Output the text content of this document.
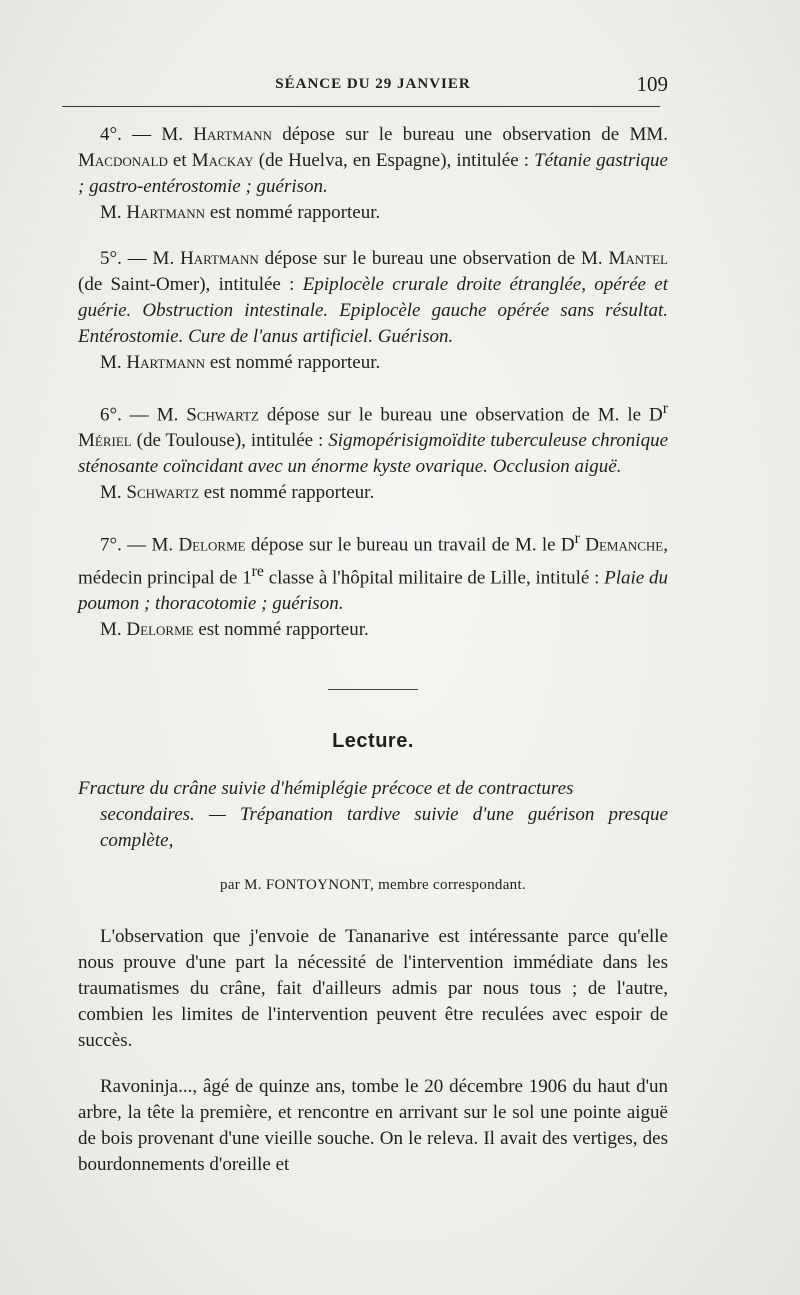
SÉANCE DU 29 JANVIER	109

4°. — M. Hartmann dépose sur le bureau une observation de MM. Macdonald et Mackay (de Huelva, en Espagne), intitulée : Tétanie gastrique ; gastro-entérostomie ; guérison.

M. Hartmann est nommé rapporteur.

5°. — M. Hartmann dépose sur le bureau une observation de M. Mantel (de Saint-Omer), intitulée : Epiplocèle crurale droite étranglée, opérée et guérie. Obstruction intestinale. Epiplocèle gauche opérée sans résultat. Entérostomie. Cure de l'anus artificiel. Guérison.

M. Hartmann est nommé rapporteur.

6°. — M. Schwartz dépose sur le bureau une observation de M. le $D^r$ Mériel (de Toulouse), intitulée : Sigmopérisigmoïdite tuberculeuse chronique sténosante coïncidant avec un énorme kyste ovarique. Occlusion aiguë.

M. Schwartz est nommé rapporteur.

7°. — M. Delorme dépose sur le bureau un travail de M. le $D^r$ Demanche, médecin principal de 1re classe à l'hôpital militaire de Lille, intitulé : Plaie du poumon ; thoracotomie ; guérison.

M. Delorme est nommé rapporteur.

Lecture.

Fracture du crâne suivie d'hémiplégie précoce et de contractures

secondaires. — Trépanation tardive suivie d'une guérison presque complète,

par M. FONTOYNONT, membre correspondant.

L'observation que j'envoie de Tananarive est intéressante parce qu'elle nous prouve d'une part la nécessité de l'intervention immédiate dans les traumatismes du crâne, fait d'ailleurs admis par nous tous ; de l'autre, combien les limites de l'intervention peuvent être reculées avec espoir de succès.

Ravoninja..., âgé de quinze ans, tombe le 20 décembre 1906 du haut d'un arbre, la tête la première, et rencontre en arrivant sur le sol une pointe aiguë de bois provenant d'une vieille souche. On le releva. Il avait des vertiges, des bourdonnements d'oreille et
